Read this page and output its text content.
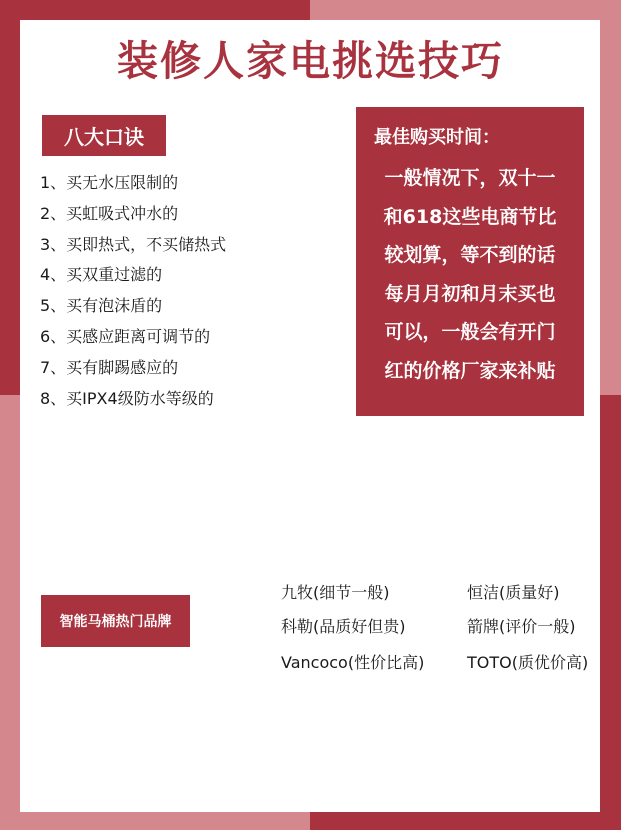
装修人家电挑选技巧
八大口诀
1、买无水压限制的
2、买虹吸式冲水的
3、买即热式，不买储热式
4、买双重过滤的
5、买有泡沫盾的
6、买感应距离可调节的
7、买有脚踢感应的
8、买IPX4级防水等级的
最佳购买时间：
一般情况下，双十一
和618这些电商节比
较划算，等不到的话
每月月初和月末买也
可以，一般会有开门
红的价格厂家来补贴
智能马桶热门品牌
九牧(细节一般)	恒洁(质量好)
科勒(品质好但贵)	箭牌(评价一般)
Vancoco(性价比高)	TOTO(质优价高)
